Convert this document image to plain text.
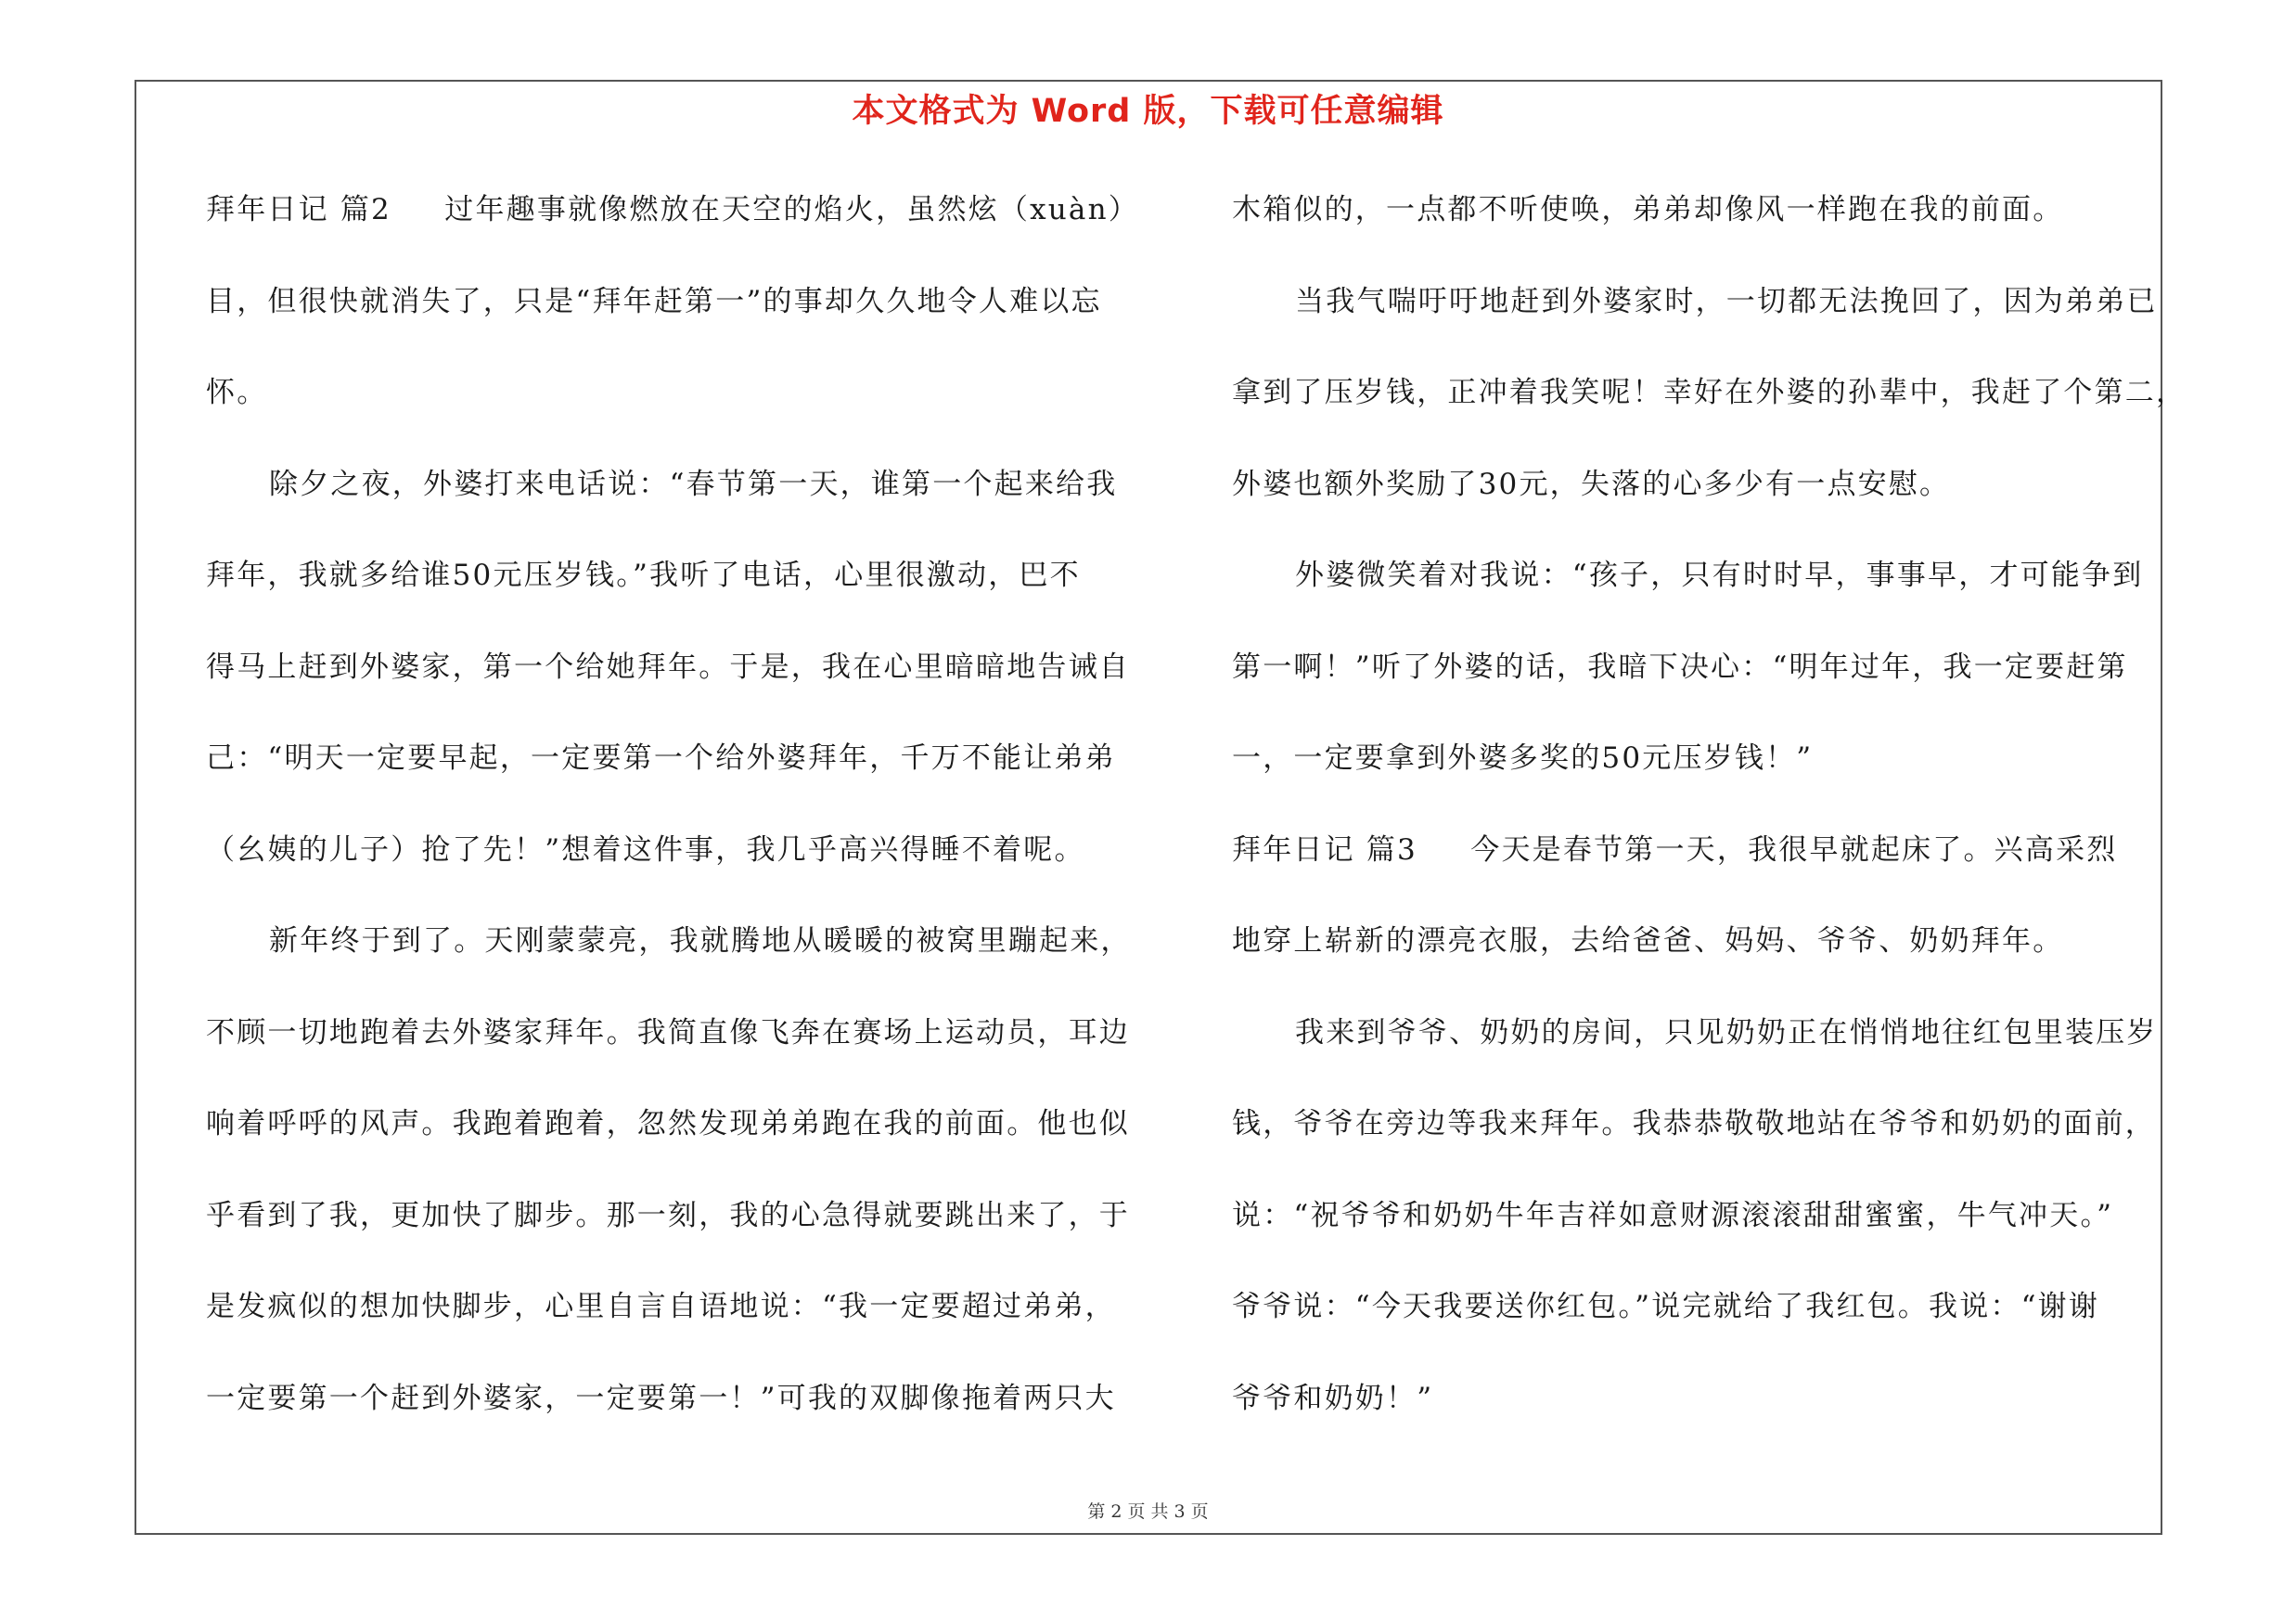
本文格式为 Word 版，下载可任意编辑
拜年日记 篇2 　 过年趣事就像燃放在天空的焰火，虽然炫（xuàn）
目，但很快就消失了，只是“拜年赶第一”的事却久久地令人难以忘
怀。
除夕之夜，外婆打来电话说：“春节第一天，谁第一个起来给我
拜年，我就多给谁50元压岁钱。”我听了电话，心里很激动，巴不
得马上赶到外婆家，第一个给她拜年。于是，我在心里暗暗地告诫自
己：“明天一定要早起，一定要第一个给外婆拜年，千万不能让弟弟
（幺姨的儿子）抢了先！”想着这件事，我几乎高兴得睡不着呢。
新年终于到了。天刚蒙蒙亮，我就腾地从暖暖的被窝里蹦起来，
不顾一切地跑着去外婆家拜年。我简直像飞奔在赛场上运动员，耳边
响着呼呼的风声。我跑着跑着，忽然发现弟弟跑在我的前面。他也似
乎看到了我，更加快了脚步。那一刻，我的心急得就要跳出来了，于
是发疯似的想加快脚步，心里自言自语地说：“我一定要超过弟弟，
一定要第一个赶到外婆家，一定要第一！”可我的双脚像拖着两只大
木箱似的，一点都不听使唤，弟弟却像风一样跑在我的前面。
当我气喘吁吁地赶到外婆家时，一切都无法挽回了，因为弟弟已
拿到了压岁钱，正冲着我笑呢！幸好在外婆的孙辈中，我赶了个第二，
外婆也额外奖励了30元，失落的心多少有一点安慰。
外婆微笑着对我说：“孩子，只有时时早，事事早，才可能争到
第一啊！”听了外婆的话，我暗下决心：“明年过年，我一定要赶第
一，一定要拿到外婆多奖的50元压岁钱！”
拜年日记 篇3 　 今天是春节第一天，我很早就起床了。兴高采烈
地穿上崭新的漂亮衣服，去给爸爸、妈妈、爷爷、奶奶拜年。
我来到爷爷、奶奶的房间，只见奶奶正在悄悄地往红包里装压岁
钱，爷爷在旁边等我来拜年。我恭恭敬敬地站在爷爷和奶奶的面前，
说：“祝爷爷和奶奶牛年吉祥如意财源滚滚甜甜蜜蜜，牛气冲天。”
爷爷说：“今天我要送你红包。”说完就给了我红包。我说：“谢谢
爷爷和奶奶！”
第 2 页 共 3 页
